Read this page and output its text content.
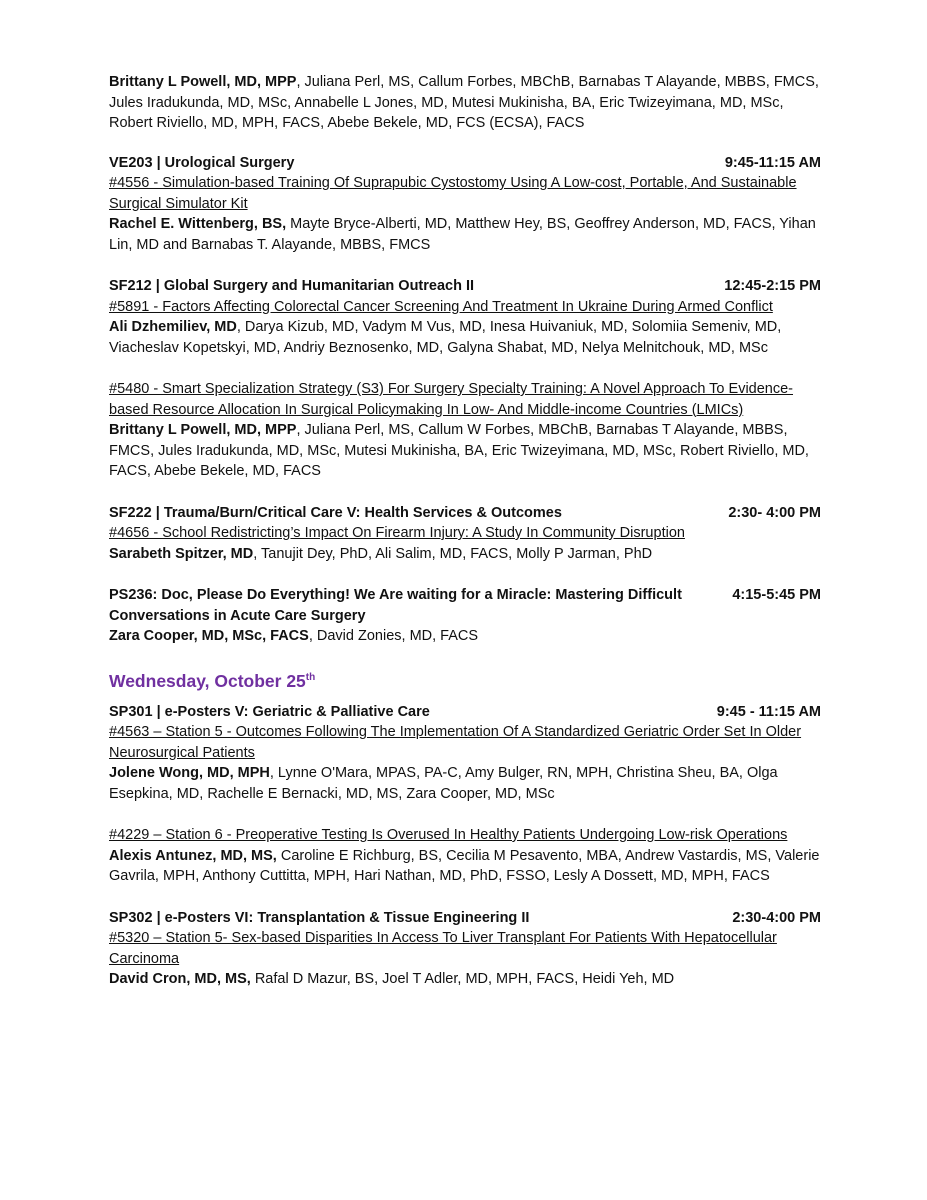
Brittany L Powell, MD, MPP, Juliana Perl, MS, Callum Forbes, MBChB, Barnabas T Alayande, MBBS, FMCS, Jules Iradukunda, MD, MSc, Annabelle L Jones, MD, Mutesi Mukinisha, BA, Eric Twizeyimana, MD, MSc, Robert Riviello, MD, MPH, FACS, Abebe Bekele, MD, FCS (ECSA), FACS

VE203 | Urological Surgery	9:45-11:15 AM
#4556 - Simulation-based Training Of Suprapubic Cystostomy Using A Low-cost, Portable, And Sustainable Surgical Simulator Kit

Rachel E. Wittenberg, BS, Mayte Bryce-Alberti, MD, Matthew Hey, BS, Geoffrey Anderson, MD, FACS, Yihan Lin, MD and Barnabas T. Alayande, MBBS, FMCS

SF212 | Global Surgery and Humanitarian Outreach II	12:45-2:15 PM
#5891 - Factors Affecting Colorectal Cancer Screening And Treatment In Ukraine During Armed Conflict

Ali Dzhemiliev, MD, Darya Kizub, MD, Vadym M Vus, MD, Inesa Huivaniuk, MD, Solomiia Semeniv, MD, Viacheslav Kopetskyi, MD, Andriy Beznosenko, MD, Galyna Shabat, MD, Nelya Melnitchouk, MD, MSc

#5480 - Smart Specialization Strategy (S3) For Surgery Specialty Training: A Novel Approach To Evidence-based Resource Allocation In Surgical Policymaking In Low- And Middle-income Countries (LMICs)

Brittany L Powell, MD, MPP, Juliana Perl, MS, Callum W Forbes, MBChB, Barnabas T Alayande, MBBS, FMCS, Jules Iradukunda, MD, MSc, Mutesi Mukinisha, BA, Eric Twizeyimana, MD, MSc, Robert Riviello, MD, FACS, Abebe Bekele, MD, FACS

SF222 | Trauma/Burn/Critical Care V: Health Services & Outcomes	2:30- 4:00 PM
#4656 - School Redistricting’s Impact On Firearm Injury: A Study In Community Disruption

Sarabeth Spitzer, MD, Tanujit Dey, PhD, Ali Salim, MD, FACS, Molly P Jarman, PhD

PS236: Doc, Please Do Everything! We Are waiting for a Miracle: Mastering Difficult Conversations in Acute Care Surgery
4:15-5:45 PM

Zara Cooper, MD, MSc, FACS, David Zonies, MD, FACS

Wednesday, October 25th
SP301 | e-Posters V: Geriatric & Palliative Care	9:45 - 11:15 AM
#4563 – Station 5 - Outcomes Following The Implementation Of A Standardized Geriatric Order Set In Older Neurosurgical Patients

Jolene Wong, MD, MPH, Lynne O'Mara, MPAS, PA-C, Amy Bulger, RN, MPH, Christina Sheu, BA, Olga Esepkina, MD, Rachelle E Bernacki, MD, MS, Zara Cooper, MD, MSc

#4229 – Station 6 - Preoperative Testing Is Overused In Healthy Patients Undergoing Low-risk Operations

Alexis Antunez, MD, MS, Caroline E Richburg, BS, Cecilia M Pesavento, MBA, Andrew Vastardis, MS, Valerie Gavrila, MPH, Anthony Cuttitta, MPH, Hari Nathan, MD, PhD, FSSO, Lesly A Dossett, MD, MPH, FACS

SP302 | e-Posters VI: Transplantation & Tissue Engineering II	2:30-4:00 PM
#5320 – Station 5- Sex-based Disparities In Access To Liver Transplant For Patients With Hepatocellular Carcinoma

David Cron, MD, MS, Rafal D Mazur, BS, Joel T Adler, MD, MPH, FACS, Heidi Yeh, MD
